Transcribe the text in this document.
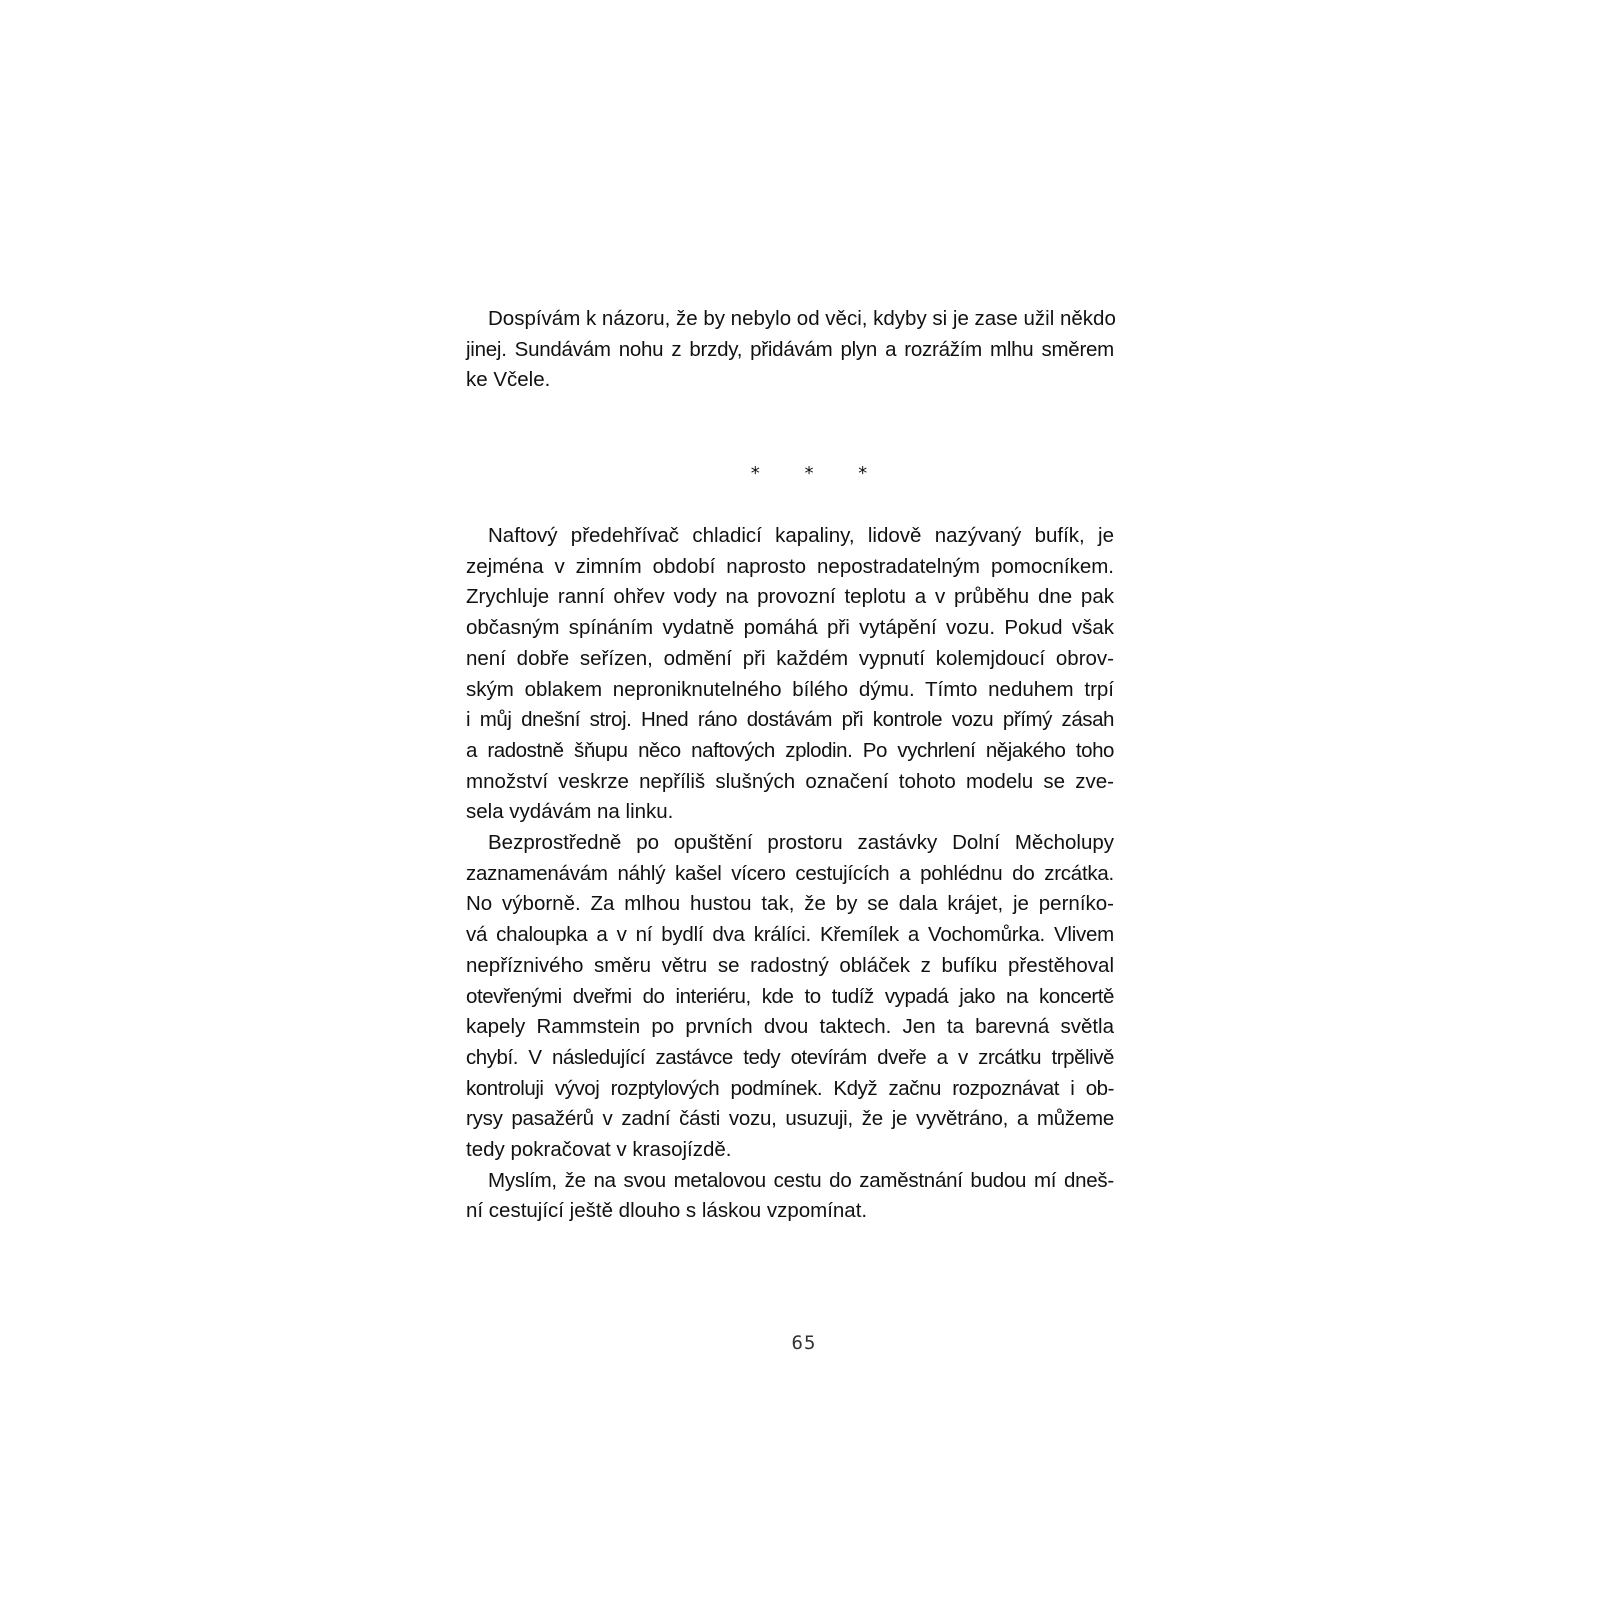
Dospívám k názoru, že by nebylo od věci, kdyby si je zase užil někdo
jinej. Sundávám nohu z brzdy, přidávám plyn a rozrážím mlhu směrem
ke Včele.
* * *
Naftový předehřívač chladicí kapaliny, lidově nazývaný bufík, je
zejména v zimním období naprosto nepostradatelným pomocníkem.
Zrychluje ranní ohřev vody na provozní teplotu a v průběhu dne pak
občasným spínáním vydatně pomáhá při vytápění vozu. Pokud však
není dobře seřízen, odmění při každém vypnutí kolemjdoucí obrov-
ským oblakem neproniknutelného bílého dýmu. Tímto neduhem trpí
i můj dnešní stroj. Hned ráno dostávám při kontrole vozu přímý zásah
a radostně šňupu něco naftových zplodin. Po vychrlení nějakého toho
množství veskrze nepříliš slušných označení tohoto modelu se zve-
sela vydávám na linku.
Bezprostředně po opuštění prostoru zastávky Dolní Měcholupy
zaznamenávám náhlý kašel vícero cestujících a pohlédnu do zrcátka.
No výborně. Za mlhou hustou tak, že by se dala krájet, je perníko-
vá chaloupka a v ní bydlí dva králíci. Křemílek a Vochomůrka. Vlivem
nepříznivého směru větru se radostný obláček z bufíku přestěhoval
otevřenými dveřmi do interiéru, kde to tudíž vypadá jako na koncertě
kapely Rammstein po prvních dvou taktech. Jen ta barevná světla
chybí. V následující zastávce tedy otevírám dveře a v zrcátku trpělivě
kontroluji vývoj rozptylových podmínek. Když začnu rozpoznávat i ob-
rysy pasažérů v zadní části vozu, usuzuji, že je vyvětráno, a můžeme
tedy pokračovat v krasojízdě.
Myslím, že na svou metalovou cestu do zaměstnání budou mí dneš-
ní cestující ještě dlouho s láskou vzpomínat.
65
